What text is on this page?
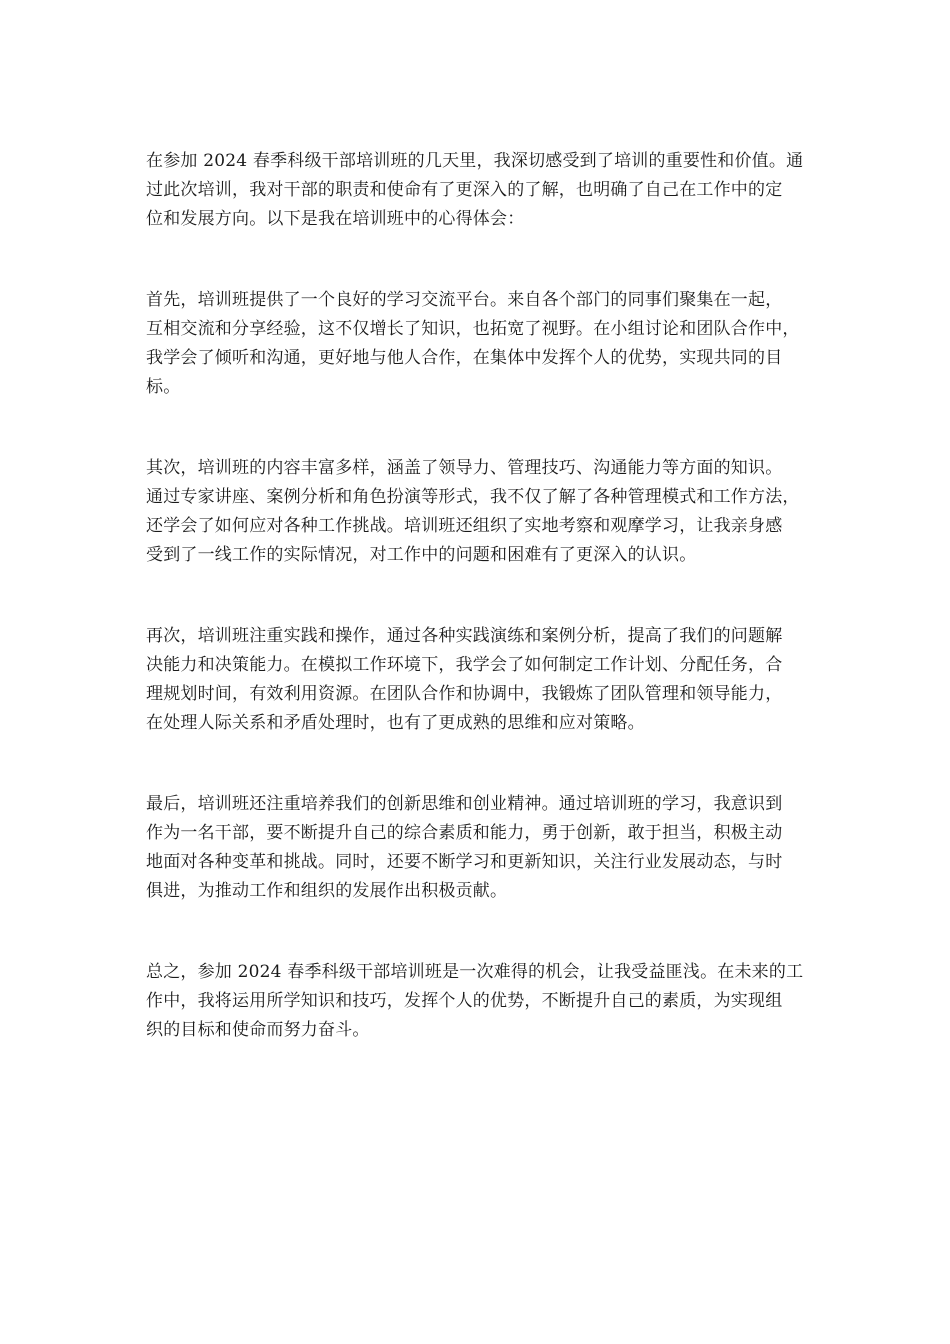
在参加 2024 春季科级干部培训班的几天里，我深切感受到了培训的重要性和价值。通
过此次培训，我对干部的职责和使命有了更深入的了解，也明确了自己在工作中的定
位和发展方向。以下是我在培训班中的心得体会：

首先，培训班提供了一个良好的学习交流平台。来自各个部门的同事们聚集在一起，
互相交流和分享经验，这不仅增长了知识，也拓宽了视野。在小组讨论和团队合作中，
我学会了倾听和沟通，更好地与他人合作，在集体中发挥个人的优势，实现共同的目
标。

其次，培训班的内容丰富多样，涵盖了领导力、管理技巧、沟通能力等方面的知识。
通过专家讲座、案例分析和角色扮演等形式，我不仅了解了各种管理模式和工作方法，
还学会了如何应对各种工作挑战。培训班还组织了实地考察和观摩学习，让我亲身感
受到了一线工作的实际情况，对工作中的问题和困难有了更深入的认识。

再次，培训班注重实践和操作，通过各种实践演练和案例分析，提高了我们的问题解
决能力和决策能力。在模拟工作环境下，我学会了如何制定工作计划、分配任务，合
理规划时间，有效利用资源。在团队合作和协调中，我锻炼了团队管理和领导能力，
在处理人际关系和矛盾处理时，也有了更成熟的思维和应对策略。

最后，培训班还注重培养我们的创新思维和创业精神。通过培训班的学习，我意识到
作为一名干部，要不断提升自己的综合素质和能力，勇于创新，敢于担当，积极主动
地面对各种变革和挑战。同时，还要不断学习和更新知识，关注行业发展动态，与时
俱进，为推动工作和组织的发展作出积极贡献。

总之，参加 2024 春季科级干部培训班是一次难得的机会，让我受益匪浅。在未来的工
作中，我将运用所学知识和技巧，发挥个人的优势，不断提升自己的素质，为实现组
织的目标和使命而努力奋斗。
